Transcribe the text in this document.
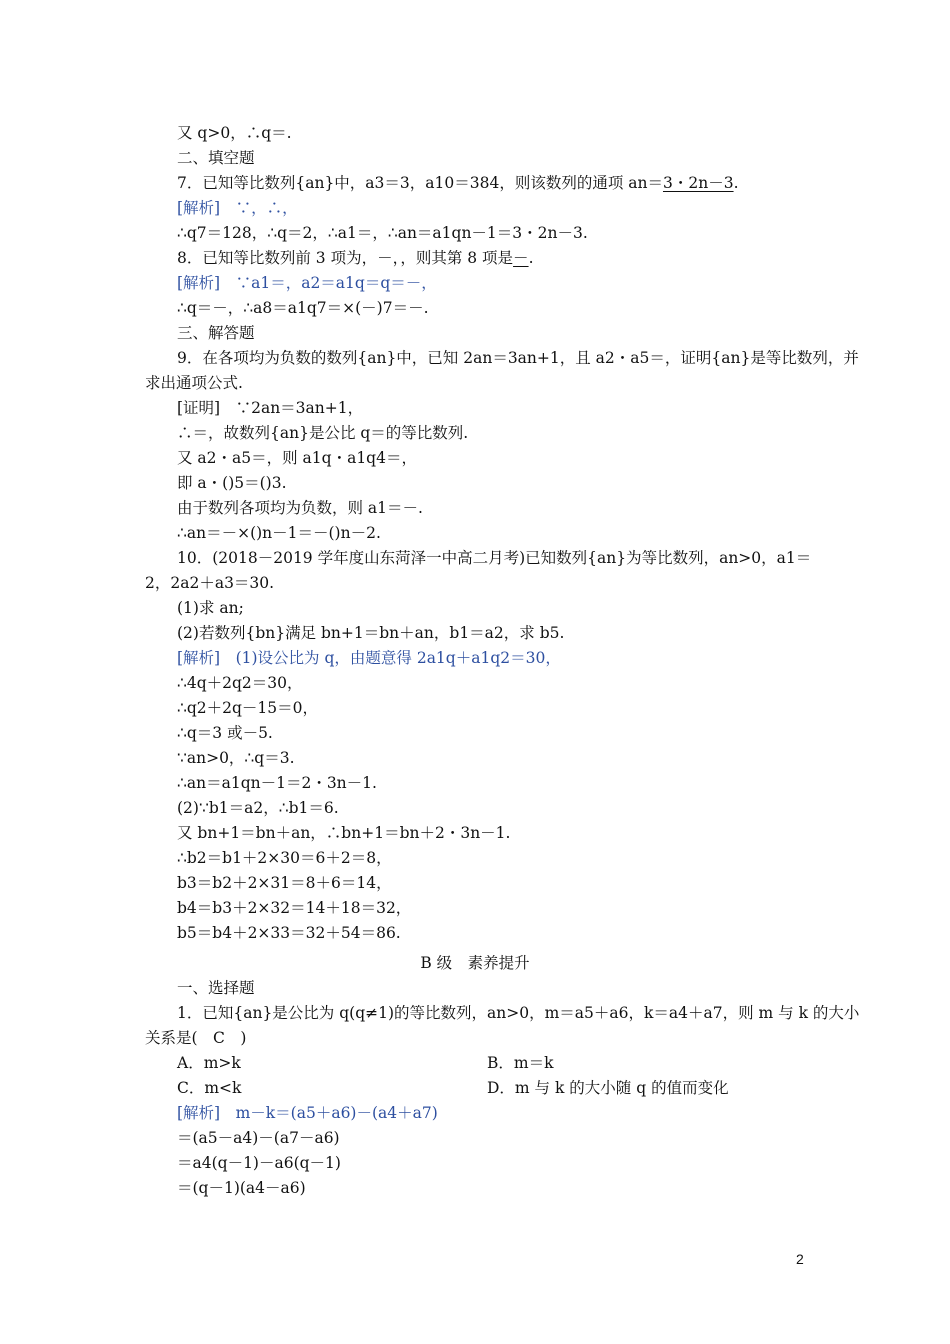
又 q>0，∴q＝.
二、填空题
7．已知等比数列{an}中，a3＝3，a10＝384，则该数列的通项 an＝3・2n－3.
[解析]　∵，∴，
∴q7＝128，∴q＝2，∴a1＝，∴an＝a1qn－1＝3・2n－3.
8．已知等比数列前 3 项为，－，，则其第 8 项是－.
[解析]　∵a1＝，a2＝a1q＝q＝－，
∴q＝－，∴a8＝a1q7＝×(－)7＝－.
三、解答题
9．在各项均为负数的数列{an}中，已知 2an＝3an+1，且 a2・a5＝，证明{an}是等比数列，并
求出通项公式.
[证明]　∵2an＝3an+1，
∴＝，故数列{an}是公比 q＝的等比数列.
又 a2・a5＝，则 a1q・a1q4＝，
即 a・()5＝()3.
由于数列各项均为负数，则 a1＝－.
∴an＝－×()n－1＝－()n－2.
10．(2018－2019 学年度山东菏泽一中高二月考)已知数列{an}为等比数列，an>0，a1＝
2，2a2＋a3＝30.
(1)求 an;
(2)若数列{bn}满足 bn+1＝bn＋an，b1＝a2，求 b5.
[解析]　(1)设公比为 q，由题意得 2a1q＋a1q2＝30，
∴4q＋2q2＝30，
∴q2＋2q－15＝0，
∴q＝3 或－5.
∵an>0，∴q＝3.
∴an＝a1qn－1＝2・3n－1.
(2)∵b1＝a2，∴b1＝6.
又 bn+1＝bn＋an，∴bn+1＝bn＋2・3n－1.
∴b2＝b1＋2×30＝6＋2＝8，
b3＝b2＋2×31＝8＋6＝14，
b4＝b3＋2×32＝14＋18＝32，
b5＝b4＋2×33＝32＋54＝86.
B 级　素养提升
一、选择题
1．已知{an}是公比为 q(q≠1)的等比数列，an>0，m＝a5＋a6，k＝a4＋a7，则 m 与 k 的大小
关系是(　C　)
A．m>k	B．m＝k
C．m<k	D．m 与 k 的大小随 q 的值而变化
[解析]　m－k＝(a5＋a6)－(a4＋a7)
＝(a5－a4)－(a7－a6)
＝a4(q－1)－a6(q－1)
＝(q－1)(a4－a6)
2
